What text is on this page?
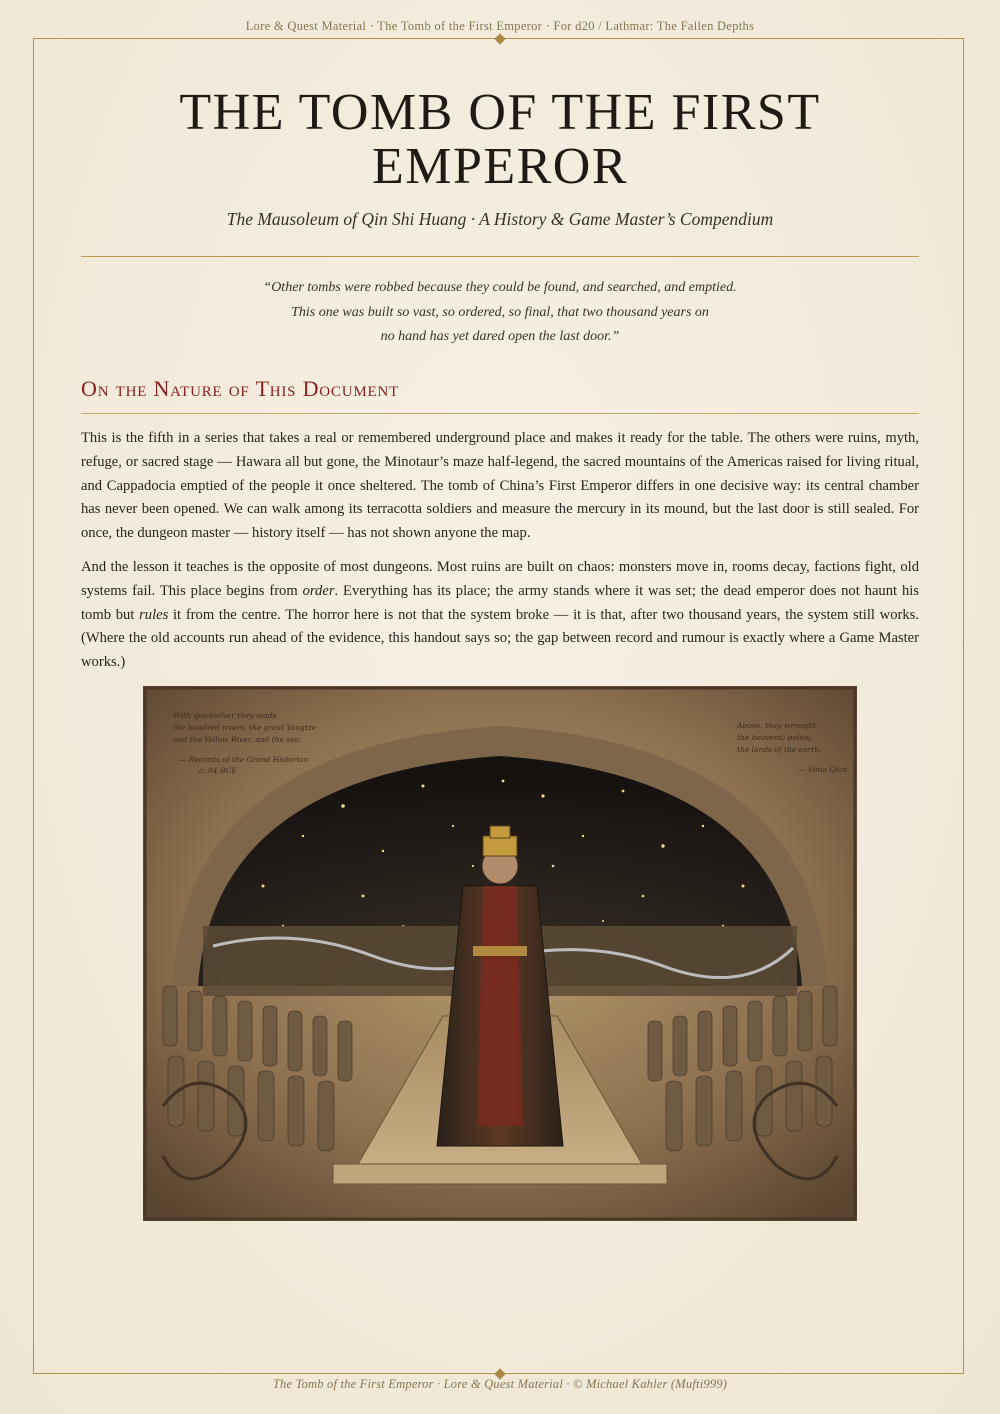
Lore & Quest Material · The Tomb of the First Emperor · For d20 / Lathmar: The Fallen Depths
THE TOMB OF THE FIRST EMPEROR
The Mausoleum of Qin Shi Huang · A History & Game Master’s Compendium
“Other tombs were robbed because they could be found, and searched, and emptied.
This one was built so vast, so ordered, so final, that two thousand years on
no hand has yet dared open the last door.”
On the Nature of This Document

This is the fifth in a series that takes a real or remembered underground place and makes it ready for the table. The others were ruins, myth, refuge, or sacred stage — Hawara all but gone, the Minotaur’s maze half-legend, the sacred mountains of the Americas raised for living ritual, and Cappadocia emptied of the people it once sheltered. The tomb of China’s First Emperor differs in one decisive way: its central chamber has never been opened. We can walk among its terracotta soldiers and measure the mercury in its mound, but the last door is still sealed. For once, the dungeon master — history itself — has not shown anyone the map.

And the lesson it teaches is the opposite of most dungeons. Most ruins are built on chaos: monsters move in, rooms decay, factions fight, old systems fail. This place begins from order. Everything has its place; the army stands where it was set; the dead emperor does not haunt his tomb but rules it from the centre. The horror here is not that the system broke — it is that, after two thousand years, the system still works. (Where the old accounts run ahead of the evidence, this handout says so; the gap between record and rumour is exactly where a Game Master works.)

With quicksilver they made
the hundred rivers, the great Yangtze
and the Yellow River, and the sea.
— Records of the Grand Historian
c. 94 BCE
Above, they wrought
the heavens; below,
the lands of the earth.
— Sima Qian
The Tomb of the First Emperor · Lore & Quest Material · © Michael Kahler (Mufti999)
